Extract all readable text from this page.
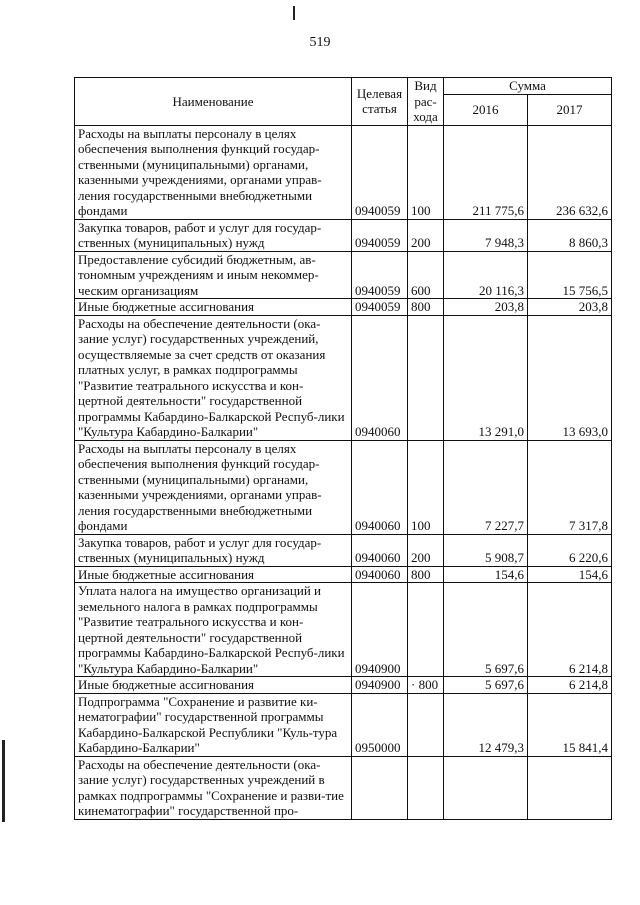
519
Наименование	Целевая статья	Вид рас-хода	Сумма	
			2016	2017
Расходы на выплаты персоналу в целях обеспечения выполнения функций государ-ственными (муниципальными) органами, казенными учреждениями, органами управ-ления государственными внебюджетными фондами	0940059	100	211 775,6	236 632,6
Закупка товаров, работ и услуг для государ-ственных (муниципальных) нужд	0940059	200	7 948,3	8 860,3
Предоставление субсидий бюджетным, ав-тономным учреждениям и иным некоммер-ческим организациям	0940059	600	20 116,3	15 756,5
Иные бюджетные ассигнования	0940059	800	203,8	203,8
Расходы на обеспечение деятельности (ока-зание услуг) государственных учреждений, осуществляемые за счет средств от оказания платных услуг, в рамках подпрограммы "Развитие театрального искусства и кон-цертной деятельности" государственной программы Кабардино-Балкарской Респуб-лики "Культура Кабардино-Балкарии"	0940060		13 291,0	13 693,0
Расходы на выплаты персоналу в целях обеспечения выполнения функций государ-ственными (муниципальными) органами, казенными учреждениями, органами управ-ления государственными внебюджетными фондами	0940060	100	7 227,7	7 317,8
Закупка товаров, работ и услуг для государ-ственных (муниципальных) нужд	0940060	200	5 908,7	6 220,6
Иные бюджетные ассигнования	0940060	800	154,6	154,6
Уплата налога на имущество организаций и земельного налога в рамках подпрограммы "Развитие театрального искусства и кон-цертной деятельности" государственной программы Кабардино-Балкарской Респуб-лики "Культура Кабардино-Балкарии"	0940900		5 697,6	6 214,8
Иные бюджетные ассигнования	0940900	· 800	5 697,6	6 214,8
Подпрограмма "Сохранение и развитие ки-нематографии" государственной программы Кабардино-Балкарской Республики "Куль-тура Кабардино-Балкарии"	0950000		12 479,3	15 841,4
Расходы на обеспечение деятельности (ока-зание услуг) государственных учреждений в рамках подпрограммы "Сохранение и разви-тие кинематографии" государственной про-				
